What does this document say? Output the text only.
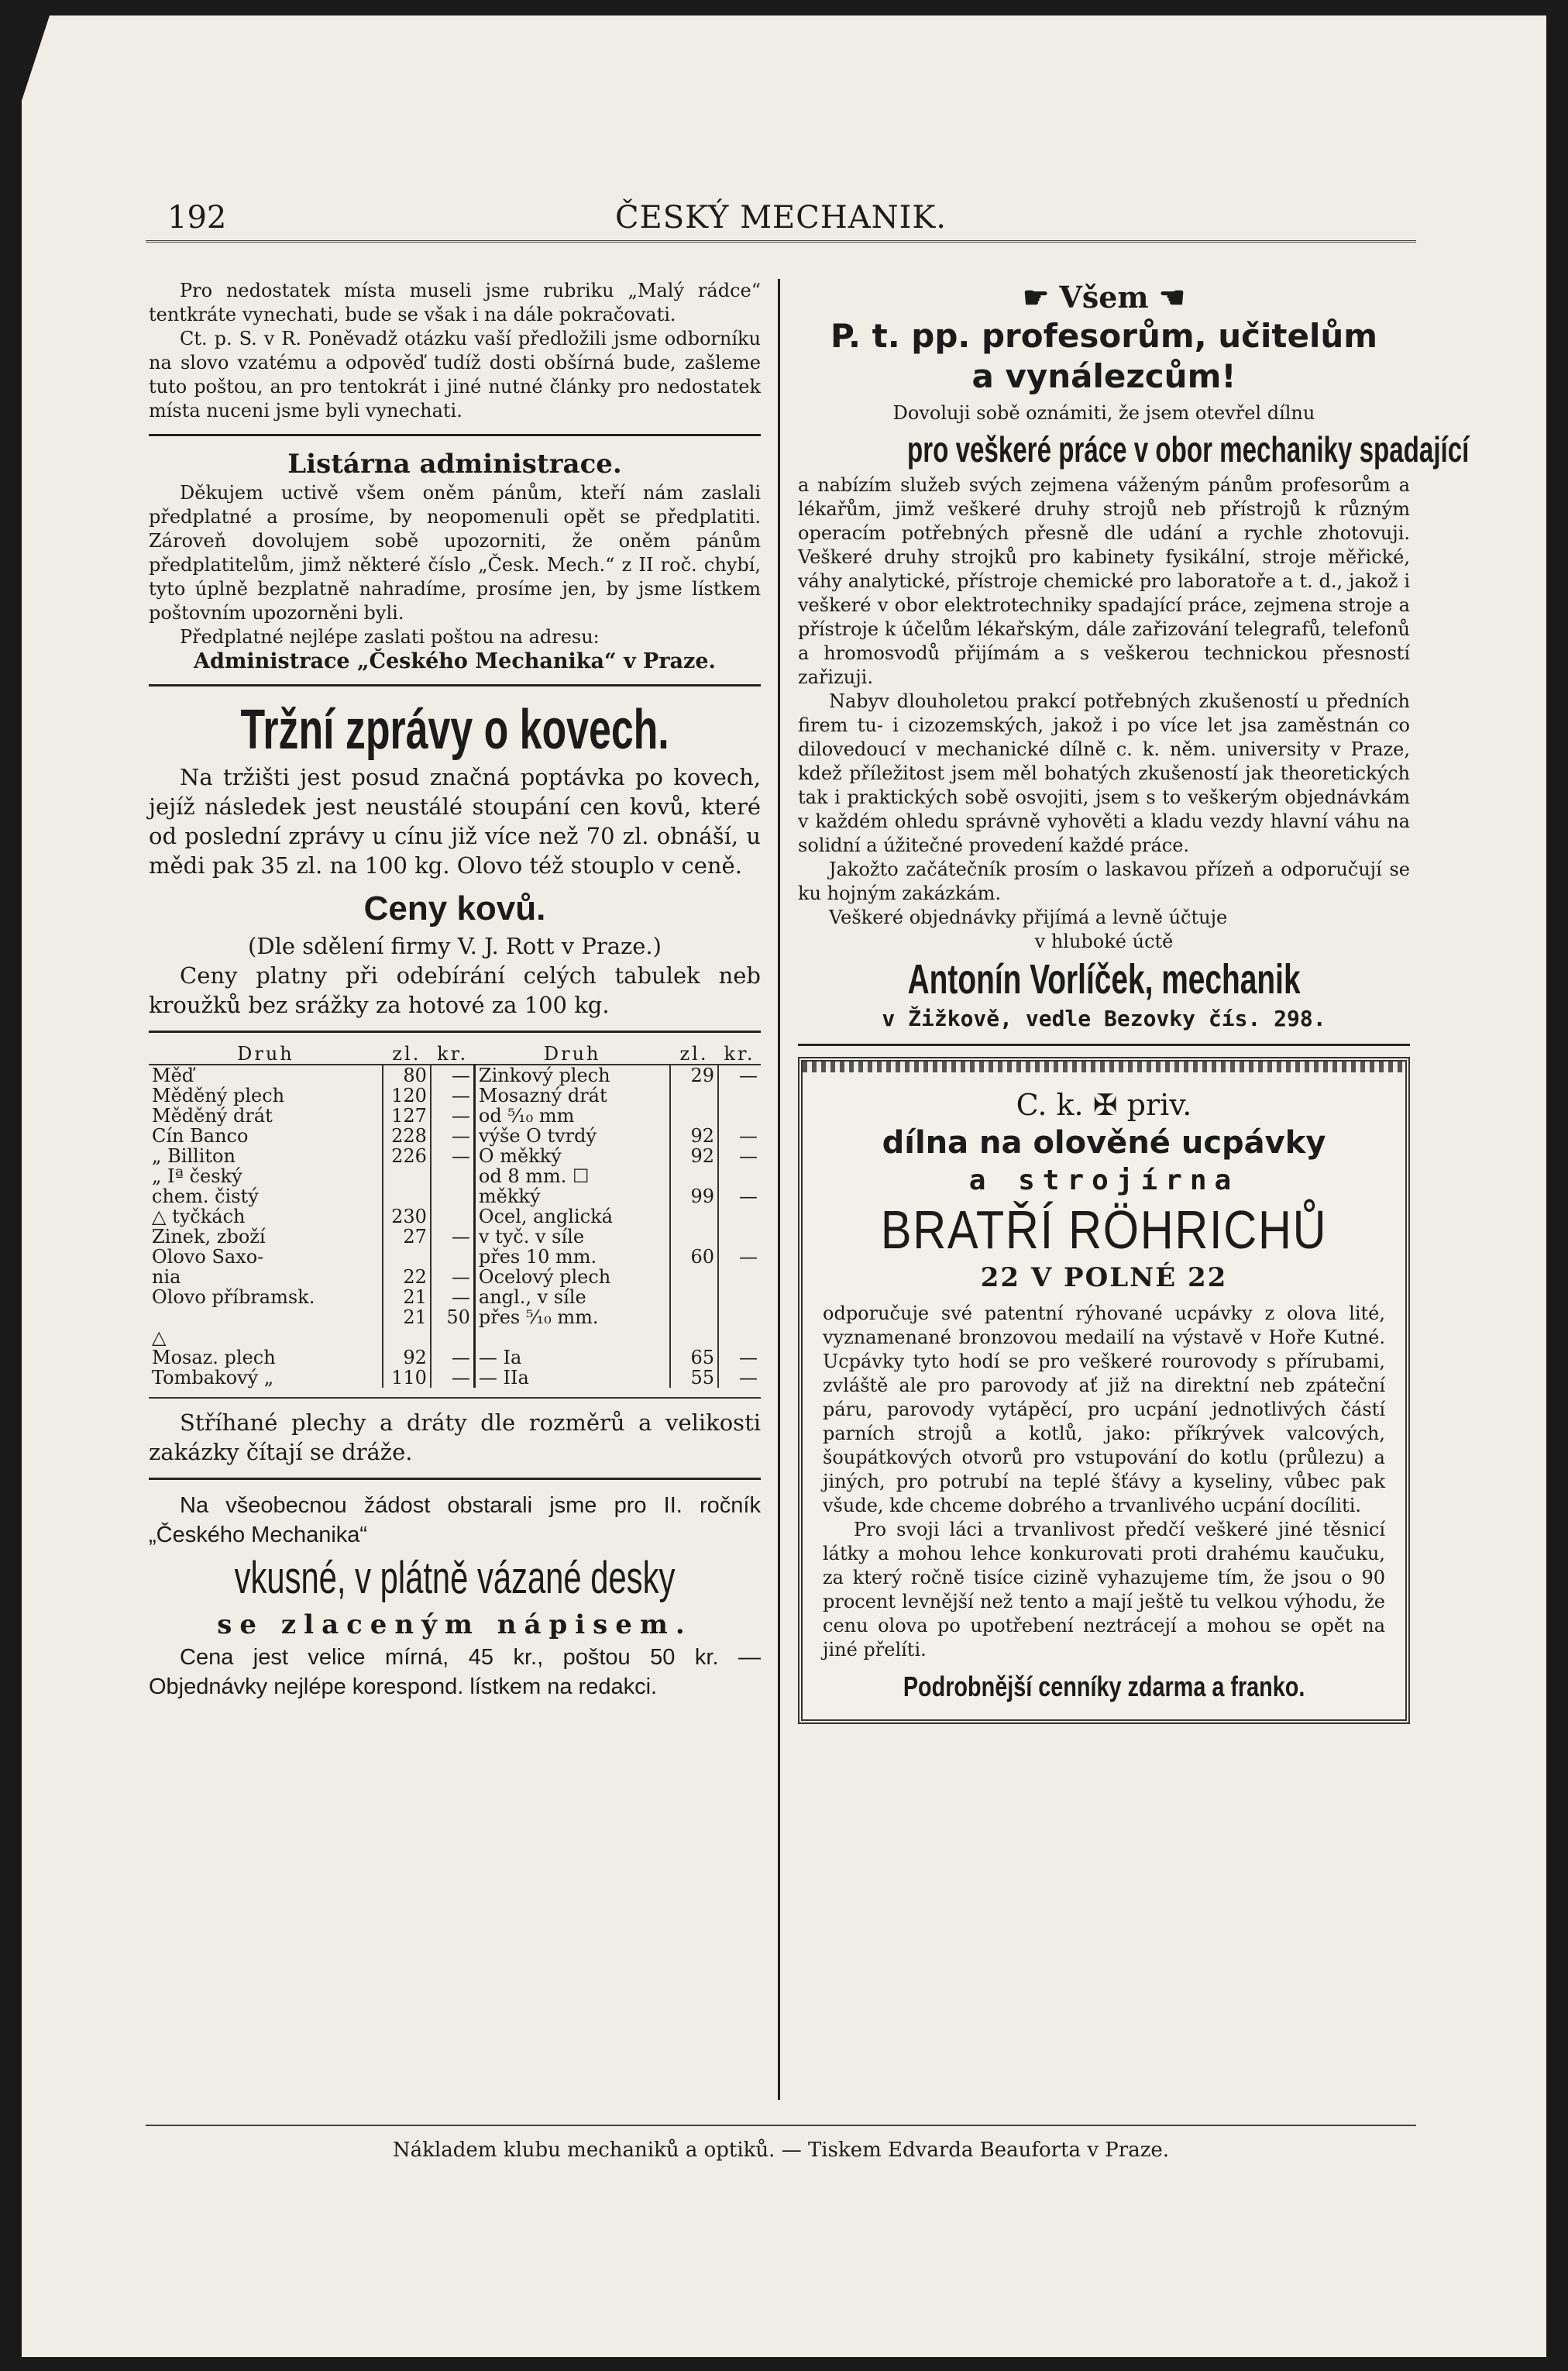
192	ČESKÝ MECHANIK.

Pro nedostatek místa museli jsme rubriku „Malý rádce“ tentkráte vynechati, bude se však i na dále pokračovati.

Ct. p. S. v R. Poněvadž otázku vaší předložili jsme odborníku na slovo vzatému a odpověď tudíž dosti obšírná bude, zašleme tuto poštou, an pro tentokrát i jiné nutné články pro nedostatek místa nuceni jsme byli vynechati.

Listárna administrace.

Děkujem uctivě všem oněm pánům, kteří nám zaslali předplatné a prosíme, by neopomenuli opět se předplatiti. Zároveň dovolujem sobě upozorniti, že oněm pánům předplatitelům, jimž některé číslo „Česk. Mech.“ z II roč. chybí, tyto úplně bezplatně nahradíme, prosíme jen, by jsme lístkem poštovním upozorněni byli.

Předplatné nejlépe zaslati poštou na adresu:

Administrace „Českého Mechanika“ v Praze.

Tržní zprávy o kovech.

Na tržišti jest posud značná poptávka po kovech, jejíž následek jest neustálé stoupání cen kovů, které od poslední zprávy u cínu již více než 70 zl. obnáší, u mědi pak 35 zl. na 100 kg. Olovo též stouplo v ceně.

Ceny kovů.

(Dle sdělení firmy V. J. Rott v Praze.)

Ceny platny při odebírání celých tabulek neb kroužků bez srážky za hotové za 100 kg.

Druh	zl.	kr.	Druh	zl.	kr.
Měď	80	—	Zinkový plech	29	—
Měděný plech	120	—	Mosazný drát		
Měděný drát	127	—	od ⁵⁄₁₀ mm		
Cín Banco	228	—	výše O tvrdý	92	—
„ Billiton	226	—	O měkký	92	—
„ Iª český			od 8 mm. ☐		
chem. čistý			měkký	99	—
△ tyčkách	230		Ocel, anglická		
Zinek, zboží	27	—	v tyč. v síle		
Olovo Saxo-			přes 10 mm.	60	—
nia	22	—	Ocelový plech		
Olovo příbramsk.	21	—	angl., v síle		
	21	50	přes ⁵⁄₁₀ mm.		
△					
Mosaz. plech	92	—	— Ia	65	—
Tombakový „	110	—	— IIa	55	—

Stříhané plechy a dráty dle rozměrů a velikosti zakázky čítají se dráže.

Na všeobecnou žádost obstarali jsme pro II. ročník „Českého Mechanika“

vkusné, v plátně vázané desky

se zlaceným nápisem.

Cena jest velice mírná, 45 kr., poštou 50 kr. — Objednávky nejlépe korespond. lístkem na redakci.

☛ Všem ☚
P. t. pp. profesorům, učitelům
a vynálezcům!

Dovoluji sobě oznámiti, že jsem otevřel dílnu

pro veškeré práce v obor mechaniky spadající

a nabízím služeb svých zejmena váženým pánům profesorům a lékařům, jimž veškeré druhy strojů neb přístrojů k různým operacím potřebných přesně dle udání a rychle zhotovuji. Veškeré druhy strojků pro kabinety fysikální, stroje měřické, váhy analytické, přístroje chemické pro laboratoře a t. d., jakož i veškeré v obor elektrotechniky spadající práce, zejmena stroje a přístroje k účelům lékařským, dále zařizování telegrafů, telefonů a hromosvodů přijímám a s veškerou technickou přesností zařizuji.

Nabyv dlouholetou prakcí potřebných zkušeností u předních firem tu- i cizozemských, jakož i po více let jsa zaměstnán co dilovedoucí v mechanické dílně c. k. něm. university v Praze, kdež příležitost jsem měl bohatých zkušeností jak theoretických tak i praktických sobě osvojiti, jsem s to veškerým objednávkám v každém ohledu správně vyhověti a kladu vezdy hlavní váhu na solidní a úžitečné provedení každé práce.

Jakožto začátečník prosím o laskavou přízeň a odporučují se ku hojným zakázkám.

Veškeré objednávky přijímá a levně účtuje

v hluboké úctě

Antonín Vorlíček, mechanik
v Žižkově, vedle Bezovky čís. 298.
C. k. ✠ priv.
dílna na olověné ucpávky
a strojírna
BRATŘÍ RÖHRICHŮ
22 V POLNÉ 22

odporučuje své patentní rýhované ucpávky z olova lité, vyznamenané bronzovou medailí na výstavě v Hoře Kutné. Ucpávky tyto hodí se pro veškeré rourovody s přírubami, zvláště ale pro parovody ať již na direktní neb zpáteční páru, parovody vytápěcí, pro ucpání jednotlivých částí parních strojů a kotlů, jako: příkrývek valcových, šoupátkových otvorů pro vstupování do kotlu (průlezu) a jiných, pro potrubí na teplé šťávy a kyseliny, vůbec pak všude, kde chceme dobrého a trvanlivého ucpání docíliti.

Pro svoji láci a trvanlivost předčí veškeré jiné těsnicí látky a mohou lehce konkurovati proti drahému kaučuku, za který ročně tisíce cizině vyhazujeme tím, že jsou o 90 procent levnější než tento a mají ještě tu velkou výhodu, že cenu olova po upotřebení neztrácejí a mohou se opět na jiné přelíti.

Podrobnější cenníky zdarma a franko.
Nákladem klubu mechaniků a optiků. — Tiskem Edvarda Beauforta v Praze.
